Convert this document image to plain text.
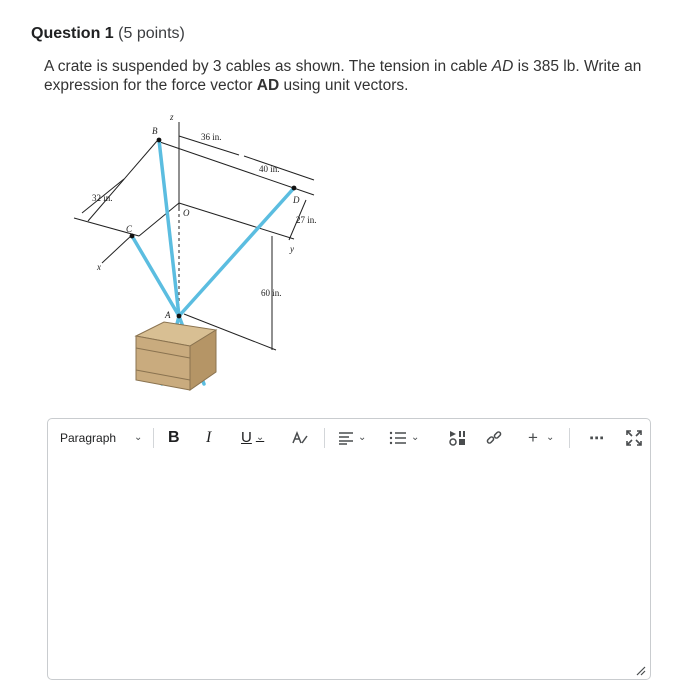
Question 1 (5 points)
A crate is suspended by 3 cables as shown. The tension in cable AD is 385 lb. Write an expression for the force vector AD using unit vectors.
z
B
36 in.
40 in.
32 in.	D
O
27 in.
C
y
x
60 in.
A
Paragraph ⌄ B I U ⌄	⌄	⌄	+ ⌄ ⋯
